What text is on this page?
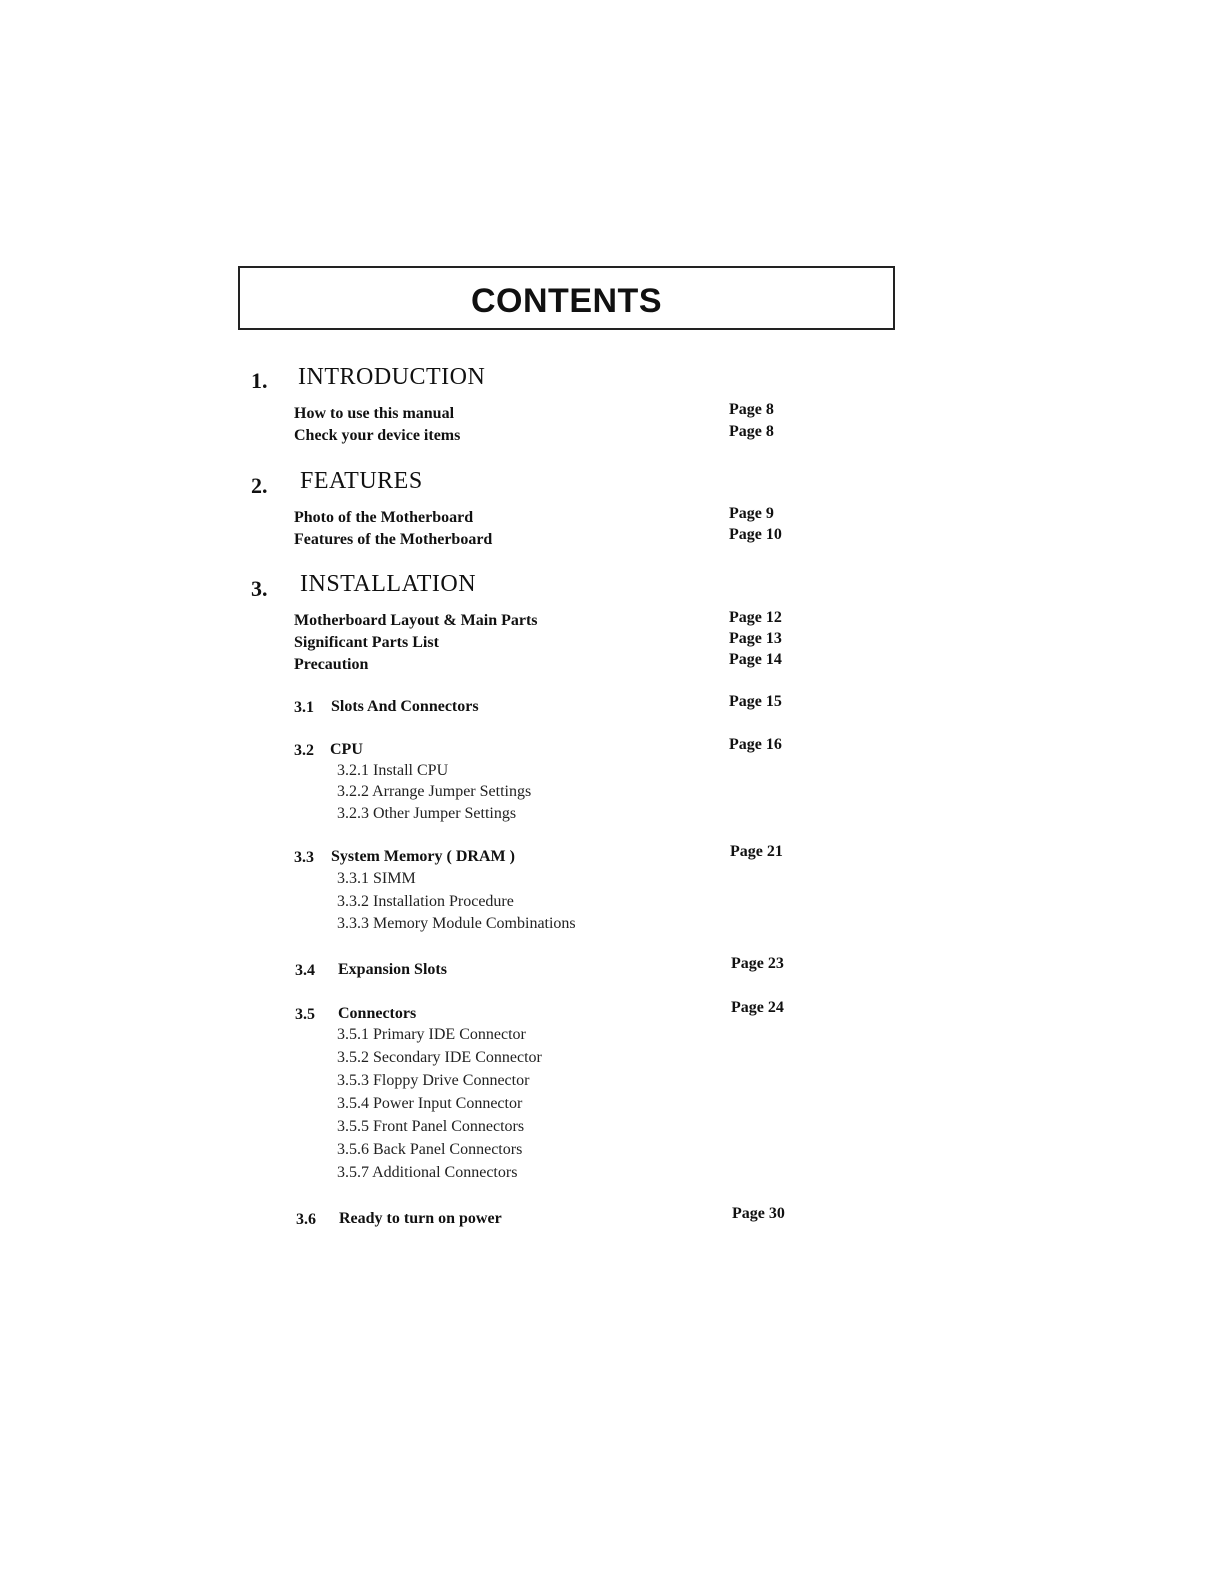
CONTENTS
1. INTRODUCTION
How to use this manual	Page 8
Check your device items	Page 8
2. FEATURES
Photo of the Motherboard	Page 9
Features of the Motherboard	Page 10
3. INSTALLATION
Motherboard Layout & Main Parts	Page 12
Significant Parts List	Page 13
Precaution	Page 14
3.1 Slots And Connectors	Page 15
3.2 CPU	Page 16
3.2.1 Install CPU
3.2.2 Arrange Jumper Settings
3.2.3 Other Jumper Settings
3.3 System Memory ( DRAM )	Page 21
3.3.1 SIMM
3.3.2 Installation Procedure
3.3.3 Memory Module Combinations
3.4 Expansion Slots	Page 23
3.5 Connectors	Page 24
3.5.1 Primary IDE Connector
3.5.2 Secondary IDE Connector
3.5.3 Floppy Drive Connector
3.5.4 Power Input Connector
3.5.5 Front Panel Connectors
3.5.6 Back Panel Connectors
3.5.7 Additional Connectors
3.6 Ready to turn on power	Page 30
